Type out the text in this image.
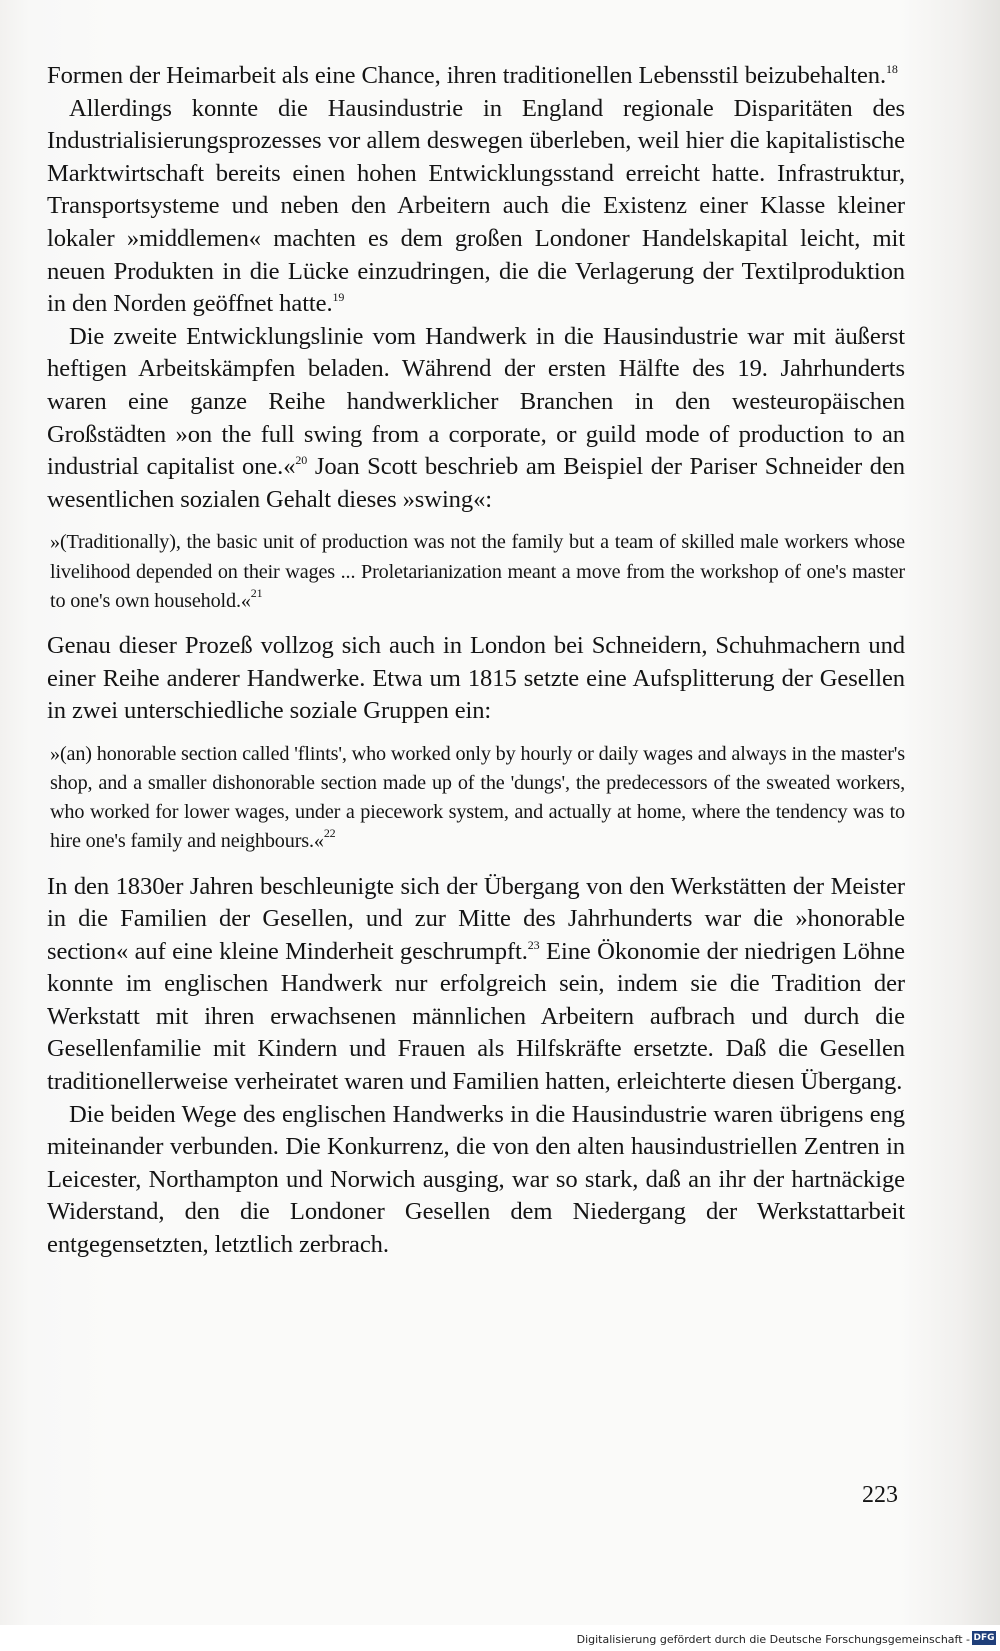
Formen der Heimarbeit als eine Chance, ihren traditionellen Lebensstil beizubehalten.$^{18}$

Allerdings konnte die Hausindustrie in England regionale Disparitäten des Industrialisierungsprozesses vor allem deswegen überleben, weil hier die kapitalistische Marktwirtschaft bereits einen hohen Entwicklungsstand erreicht hatte. Infrastruktur, Transportsysteme und neben den Arbeitern auch die Existenz einer Klasse kleiner lokaler »middlemen« machten es dem großen Londoner Handelskapital leicht, mit neuen Produkten in die Lücke einzudringen, die die Verlagerung der Textilproduktion in den Norden geöffnet hatte.$^{19}$

Die zweite Entwicklungslinie vom Handwerk in die Hausindustrie war mit äußerst heftigen Arbeitskämpfen beladen. Während der ersten Hälfte des 19. Jahrhunderts waren eine ganze Reihe handwerklicher Branchen in den westeuropäischen Großstädten »on the full swing from a corporate, or guild mode of production to an industrial capitalist one.«$^{20}$ Joan Scott beschrieb am Beispiel der Pariser Schneider den wesentlichen sozialen Gehalt dieses »swing«:

»(Traditionally), the basic unit of production was not the family but a team of skilled male workers whose livelihood depended on their wages ... Proletarianization meant a move from the workshop of one's master to one's own household.«$^{21}$

Genau dieser Prozeß vollzog sich auch in London bei Schneidern, Schuhmachern und einer Reihe anderer Handwerke. Etwa um 1815 setzte eine Aufsplitterung der Gesellen in zwei unterschiedliche soziale Gruppen ein:

»(an) honorable section called 'flints', who worked only by hourly or daily wages and always in the master's shop, and a smaller dishonorable section made up of the 'dungs', the predecessors of the sweated workers, who worked for lower wages, under a piecework system, and actually at home, where the tendency was to hire one's family and neighbours.«$^{22}$

In den 1830er Jahren beschleunigte sich der Übergang von den Werkstätten der Meister in die Familien der Gesellen, und zur Mitte des Jahrhunderts war die »honorable section« auf eine kleine Minderheit geschrumpft.$^{23}$ Eine Ökonomie der niedrigen Löhne konnte im englischen Handwerk nur erfolgreich sein, indem sie die Tradition der Werkstatt mit ihren erwachsenen männlichen Arbeitern aufbrach und durch die Gesellenfamilie mit Kindern und Frauen als Hilfskräfte ersetzte. Daß die Gesellen traditionellerweise verheiratet waren und Familien hatten, erleichterte diesen Übergang.

Die beiden Wege des englischen Handwerks in die Hausindustrie waren übrigens eng miteinander verbunden. Die Konkurrenz, die von den alten hausindustriellen Zentren in Leicester, Northampton und Norwich ausging, war so stark, daß an ihr der hartnäckige Widerstand, den die Londoner Gesellen dem Niedergang der Werkstattarbeit entgegensetzten, letztlich zerbrach.

223
Digitalisierung gefördert durch die Deutsche Forschungsgemeinschaft - DFG
